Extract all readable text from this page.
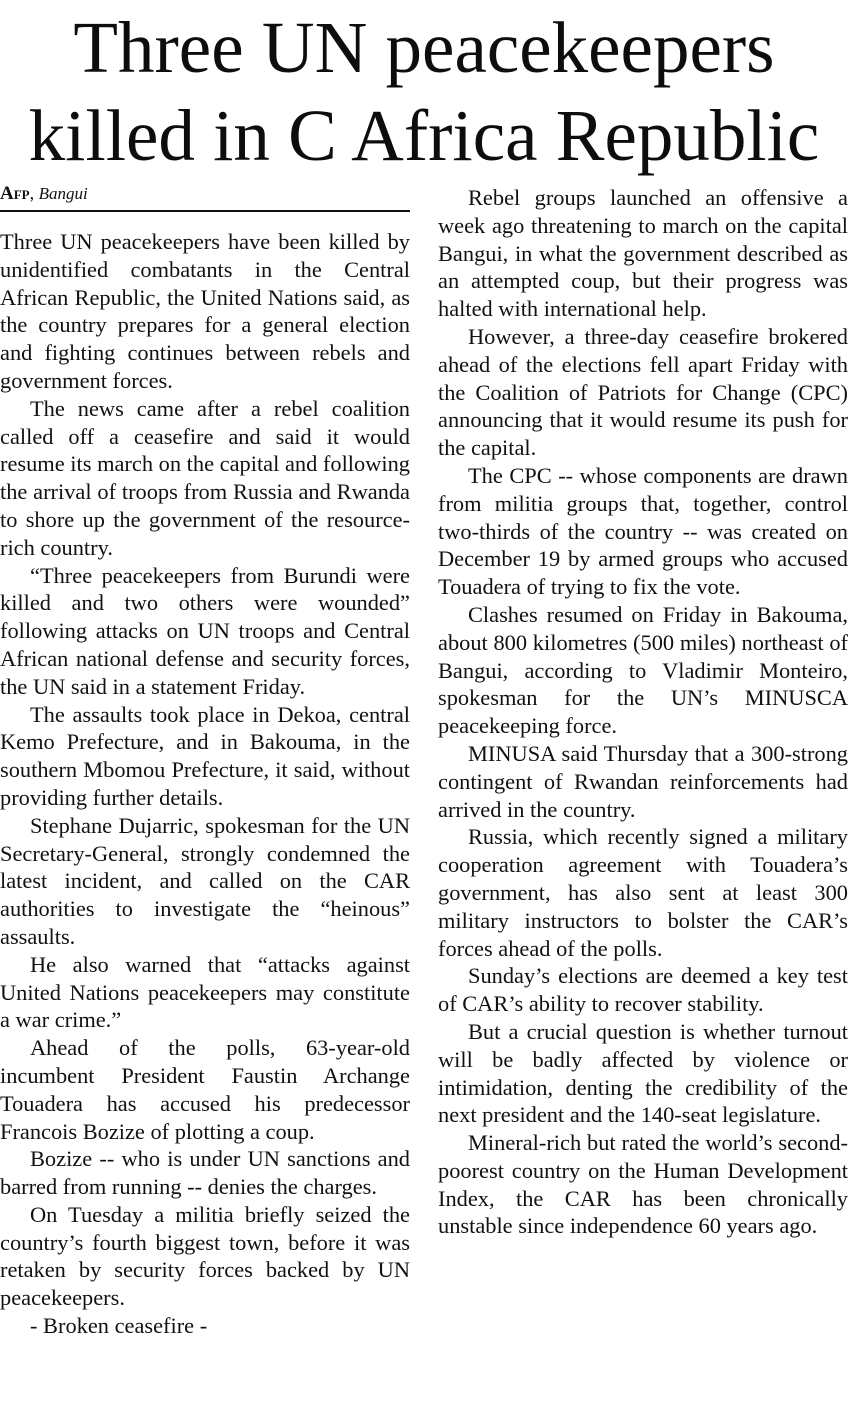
Three UN peacekeepers
killed in C Africa Republic
Afp, Bangui

Three UN peacekeepers have been killed by unidentified combatants in the Central African Republic, the United Nations said, as the country prepares for a general election and fighting continues between rebels and government forces.

The news came after a rebel coalition called off a ceasefire and said it would resume its march on the capital and following the arrival of troops from Russia and Rwanda to shore up the government of the resource-rich country.

“Three peacekeepers from Burundi were killed and two others were wounded” following attacks on UN troops and Central African national defense and security forces, the UN said in a statement Friday.

The assaults took place in Dekoa, central Kemo Prefecture, and in Bakouma, in the southern Mbomou Prefecture, it said, without providing further details.

Stephane Dujarric, spokesman for the UN Secretary-General, strongly condemned the latest incident, and called on the CAR authorities to investigate the “heinous” assaults.

He also warned that “attacks against United Nations peacekeepers may constitute a war crime.”

Ahead of the polls, 63-year-old incumbent President Faustin Archange Touadera has accused his predecessor Francois Bozize of plotting a coup.

Bozize -- who is under UN sanctions and barred from running -- denies the charges.

On Tuesday a militia briefly seized the country’s fourth biggest town, before it was retaken by security forces backed by UN peacekeepers.

- Broken ceasefire -

Rebel groups launched an offensive a week ago threatening to march on the capital Bangui, in what the government described as an attempted coup, but their progress was halted with international help.

However, a three-day ceasefire brokered ahead of the elections fell apart Friday with the Coalition of Patriots for Change (CPC) announcing that it would resume its push for the capital.

The CPC -- whose components are drawn from militia groups that, together, control two-thirds of the country -- was created on December 19 by armed groups who accused Touadera of trying to fix the vote.

Clashes resumed on Friday in Bakouma, about 800 kilometres (500 miles) northeast of Bangui, according to Vladimir Monteiro, spokesman for the UN’s MINUSCA peacekeeping force.

MINUSA said Thursday that a 300-strong contingent of Rwandan reinforcements had arrived in the country.

Russia, which recently signed a military cooperation agreement with Touadera’s government, has also sent at least 300 military instructors to bolster the CAR’s forces ahead of the polls.

Sunday’s elections are deemed a key test of CAR’s ability to recover stability.

But a crucial question is whether turnout will be badly affected by violence or intimidation, denting the credibility of the next president and the 140-seat legislature.

Mineral-rich but rated the world’s second-poorest country on the Human Development Index, the CAR has been chronically unstable since independence 60 years ago.
